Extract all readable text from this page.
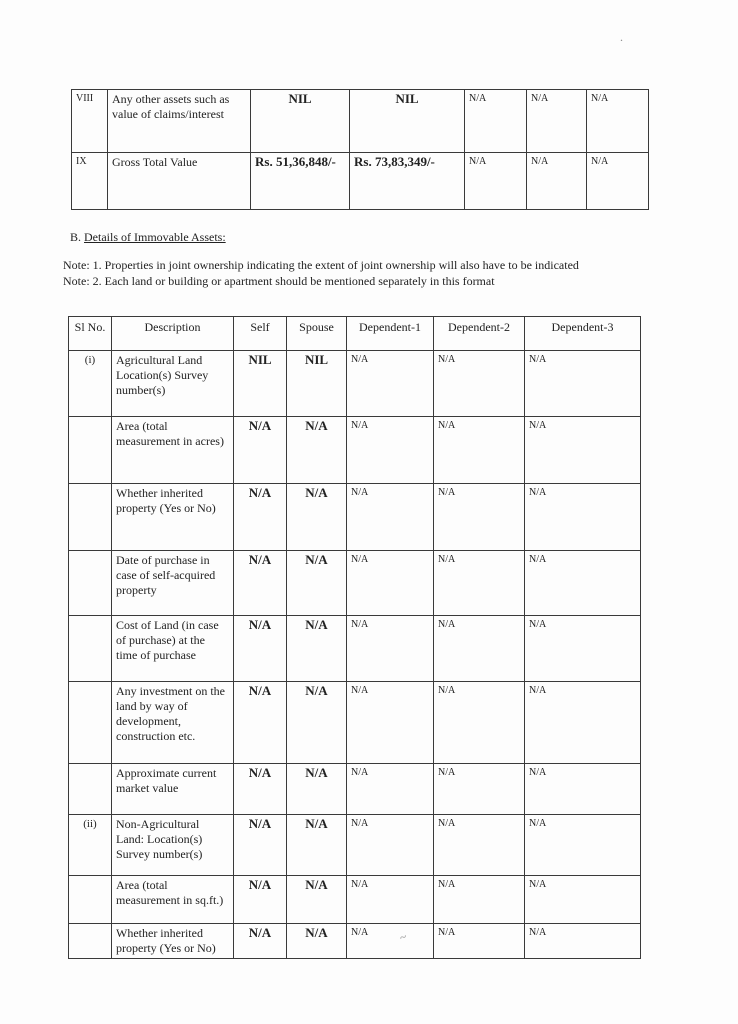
VIII	Any other assets such as value of claims/interest	NIL	NIL	N/A	N/A	N/A
IX	Gross Total Value	Rs. 51,36,848/-	Rs. 73,83,349/-	N/A	N/A	N/A
B. Details of Immovable Assets:
Note: 1. Properties in joint ownership indicating the extent of joint ownership will also have to be indicated
Note: 2. Each land or building or apartment should be mentioned separately in this format
Sl No.	Description	Self	Spouse	Dependent-1	Dependent-2	Dependent-3
(i)	Agricultural Land Location(s) Survey number(s)	NIL	NIL	N/A	N/A	N/A
	Area (total measurement in acres)	N/A	N/A	N/A	N/A	N/A
	Whether inherited property (Yes or No)	N/A	N/A	N/A	N/A	N/A
	Date of purchase in case of self-acquired property	N/A	N/A	N/A	N/A	N/A
	Cost of Land (in case of purchase) at the time of purchase	N/A	N/A	N/A	N/A	N/A
	Any investment on the land by way of development, construction etc.	N/A	N/A	N/A	N/A	N/A
	Approximate current market value	N/A	N/A	N/A	N/A	N/A
(ii)	Non-Agricultural Land: Location(s) Survey number(s)	N/A	N/A	N/A	N/A	N/A
	Area (total measurement in sq.ft.)	N/A	N/A	N/A	N/A	N/A
	Whether inherited property (Yes or No)	N/A	N/A	N/A	N/A	N/A
.
~
